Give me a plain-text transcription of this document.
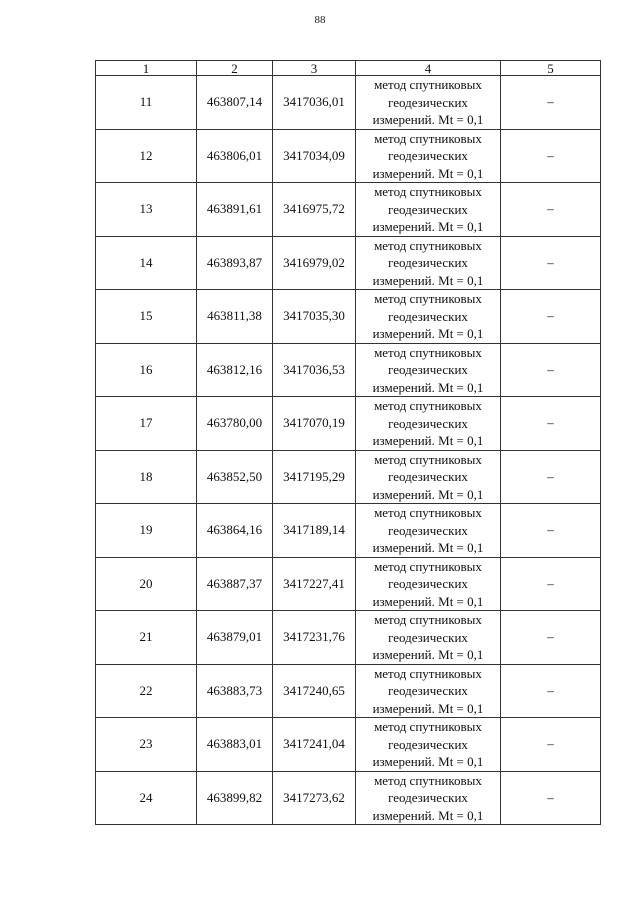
88
1	2	3	4	5
11	463807,14	3417036,01	метод спутниковых
геодезических
измерений. Mt = 0,1	–
12	463806,01	3417034,09	метод спутниковых
геодезических
измерений. Mt = 0,1	–
13	463891,61	3416975,72	метод спутниковых
геодезических
измерений. Mt = 0,1	–
14	463893,87	3416979,02	метод спутниковых
геодезических
измерений. Mt = 0,1	–
15	463811,38	3417035,30	метод спутниковых
геодезических
измерений. Mt = 0,1	–
16	463812,16	3417036,53	метод спутниковых
геодезических
измерений. Mt = 0,1	–
17	463780,00	3417070,19	метод спутниковых
геодезических
измерений. Mt = 0,1	–
18	463852,50	3417195,29	метод спутниковых
геодезических
измерений. Mt = 0,1	–
19	463864,16	3417189,14	метод спутниковых
геодезических
измерений. Mt = 0,1	–
20	463887,37	3417227,41	метод спутниковых
геодезических
измерений. Mt = 0,1	–
21	463879,01	3417231,76	метод спутниковых
геодезических
измерений. Mt = 0,1	–
22	463883,73	3417240,65	метод спутниковых
геодезических
измерений. Mt = 0,1	–
23	463883,01	3417241,04	метод спутниковых
геодезических
измерений. Mt = 0,1	–
24	463899,82	3417273,62	метод спутниковых
геодезических
измерений. Mt = 0,1	–
